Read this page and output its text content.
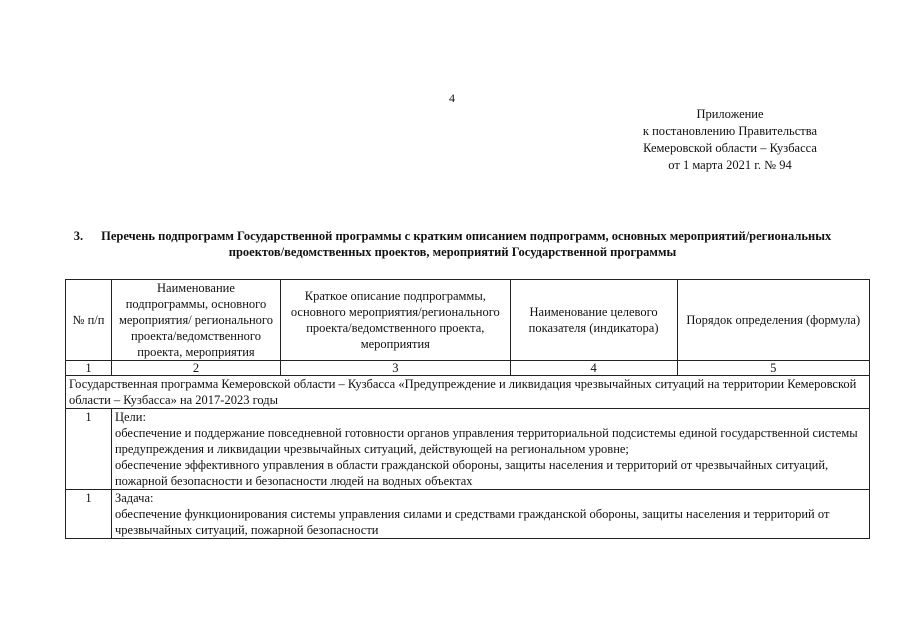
4
Приложение
к постановлению Правительства
Кемеровской области – Кузбасса
от 1 марта 2021 г. № 94
3. Перечень подпрограмм Государственной программы с кратким описанием подпрограмм, основных мероприятий/региональных проектов/ведомственных проектов, мероприятий Государственной программы
№ п/п	Наименование подпрограммы, основного мероприятия/ регионального проекта/ведомственного проекта, мероприятия	Краткое описание подпрограммы, основного мероприятия/регионального проекта/ведомственного проекта, мероприятия	Наименование целевого показателя (индикатора)	Порядок определения (формула)
1	2	3	4	5
Государственная программа Кемеровской области – Кузбасса «Предупреждение и ликвидация чрезвычайных ситуаций на территории Кемеровской области – Кузбасса» на 2017-2023 годы				
1	Цели:
обеспечение и поддержание повседневной готовности органов управления территориальной подсистемы единой государственной системы предупреждения и ликвидации чрезвычайных ситуаций, действующей на региональном уровне;
обеспечение эффективного управления в области гражданской обороны, защиты населения и территорий от чрезвычайных ситуаций, пожарной безопасности и безопасности людей на водных объектах			

1	Задача:
обеспечение функционирования системы управления силами и средствами гражданской обороны, защиты населения и территорий от чрезвычайных ситуаций, пожарной безопасности			
